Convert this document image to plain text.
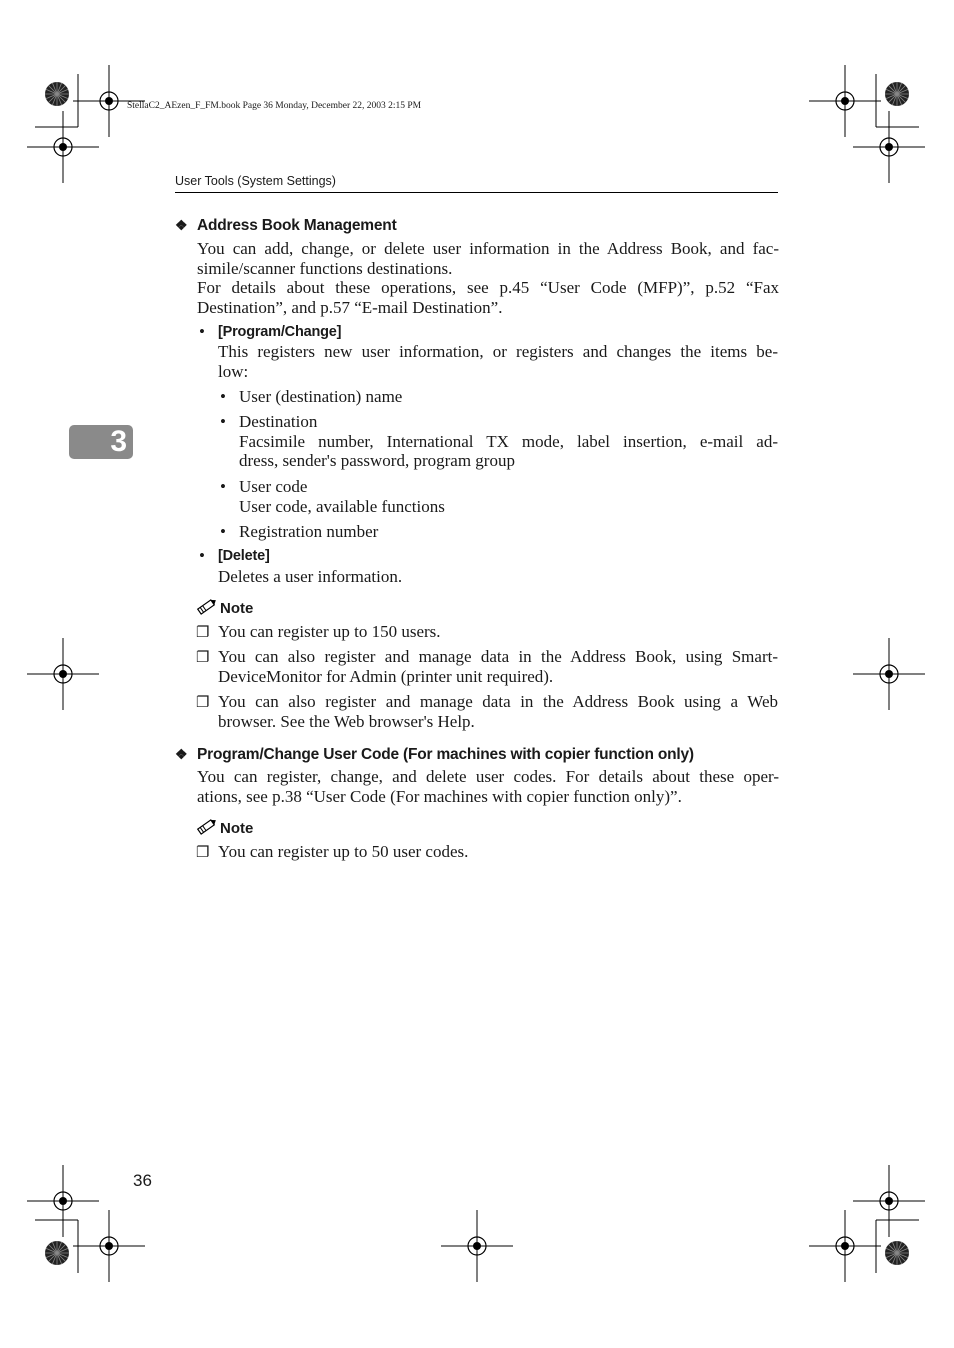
StellaC2_AEzen_F_FM.book Page 36 Monday, December 22, 2003 2:15 PM
User Tools (System Settings)
3
❖ Address Book Management
You can add, change, or delete user information in the Address Book, and fac-
simile/scanner functions destinations.
For details about these operations, see p.45 “User Code (MFP)”, p.52 “Fax
Destination”, and p.57 “E-mail Destination”.
• [Program/Change]
This registers new user information, or registers and changes the items be-
low:
• User (destination) name
• Destination
Facsimile number, International TX mode, label insertion, e-mail ad-
dress, sender's password, program group
• User code
User code, available functions
• Registration number
• [Delete]
Deletes a user information.
Note
❐ You can register up to 150 users.
❐ You can also register and manage data in the Address Book, using Smart-
DeviceMonitor for Admin (printer unit required).
❐ You can also register and manage data in the Address Book using a Web
browser. See the Web browser's Help.
❖ Program/Change User Code (For machines with copier function only)
You can register, change, and delete user codes. For details about these oper-
ations, see p.38 “User Code (For machines with copier function only)”.
Note
❐ You can register up to 50 user codes.
36
